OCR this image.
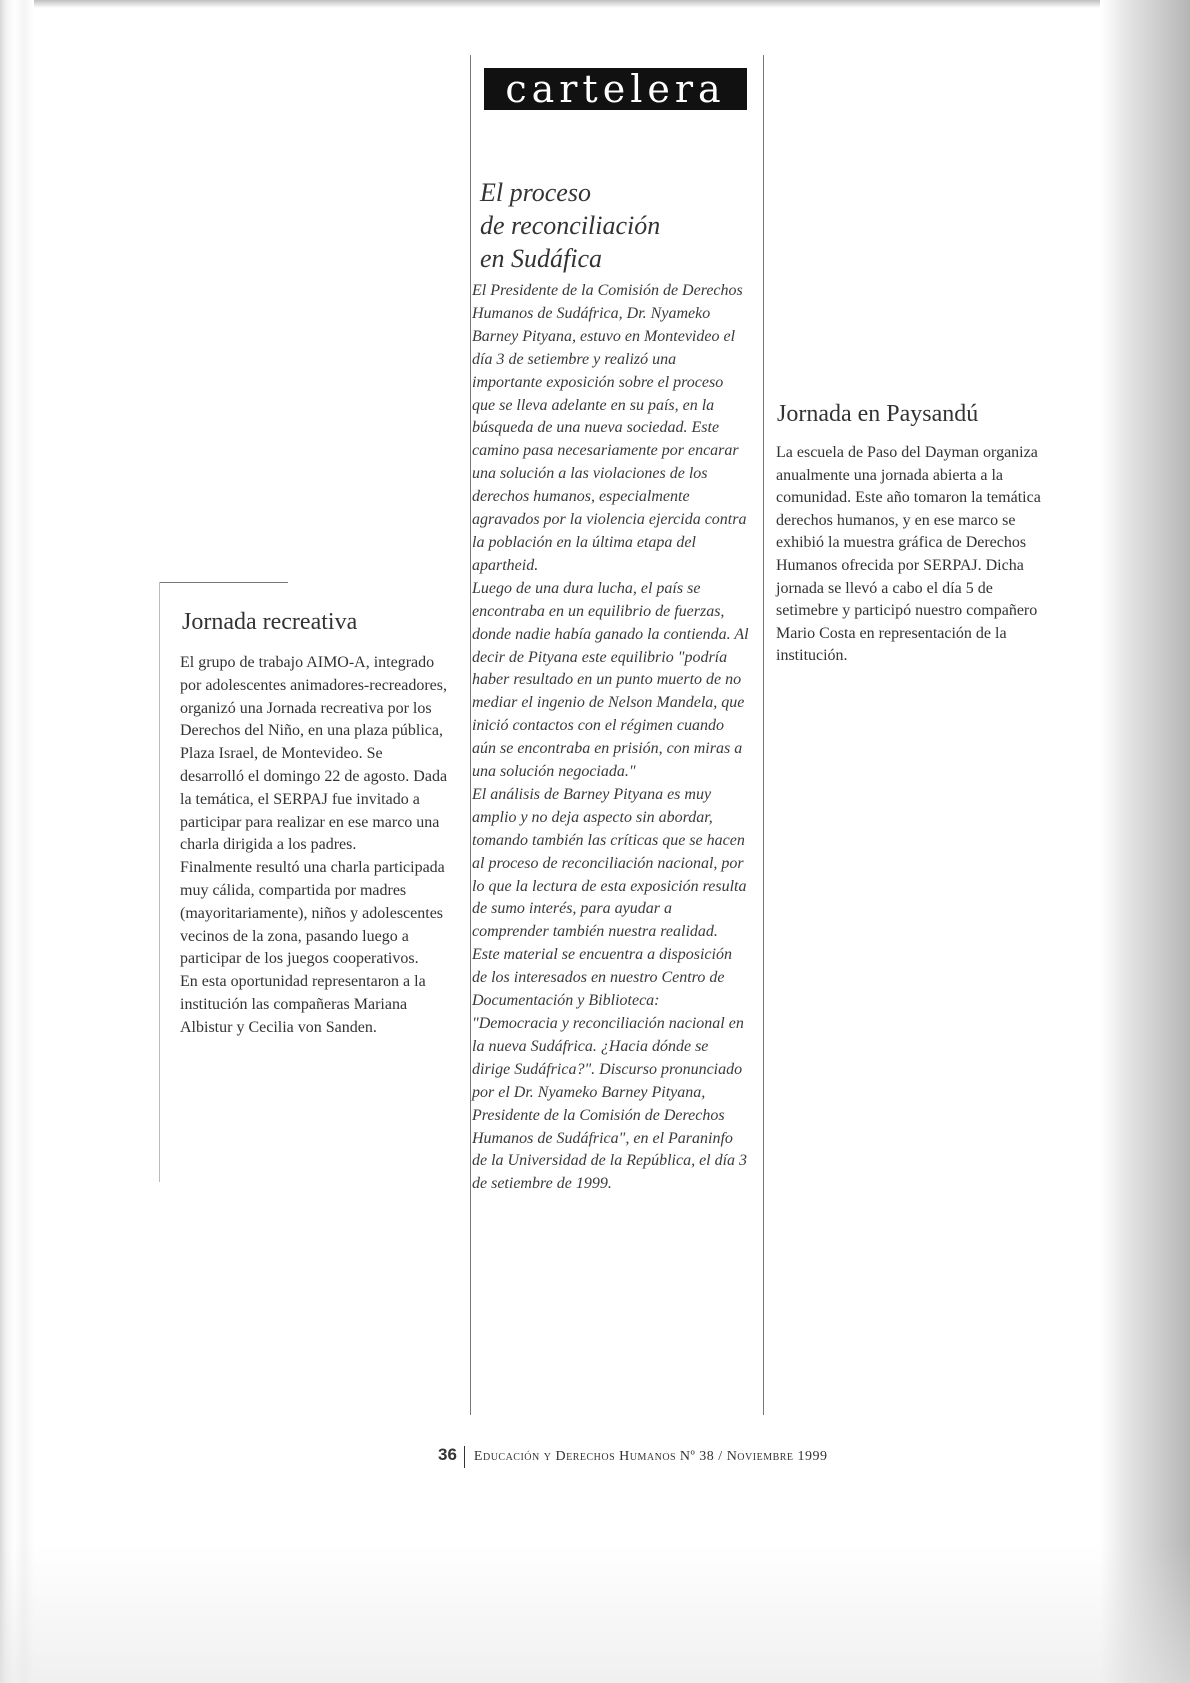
cartelera
El proceso
de reconciliación
en Sudáfica

El Presidente de la Comisión de Derechos Humanos de Sudáfrica, Dr. Nyameko Barney Pityana, estuvo en Montevideo el día 3 de setiembre y realizó una importante exposición sobre el proceso que se lleva adelante en su país, en la búsqueda de una nueva sociedad. Este camino pasa necesariamente por encarar una solución a las violaciones de los derechos humanos, especialmente agravados por la violencia ejercida contra la población en la última etapa del apartheid.

Luego de una dura lucha, el país se encontraba en un equilibrio de fuerzas, donde nadie había ganado la contienda. Al decir de Pityana este equilibrio "podría haber resultado en un punto muerto de no mediar el ingenio de Nelson Mandela, que inició contactos con el régimen cuando aún se encontraba en prisión, con miras a una solución negociada."

El análisis de Barney Pityana es muy amplio y no deja aspecto sin abordar, tomando también las críticas que se hacen al proceso de reconciliación nacional, por lo que la lectura de esta exposición resulta de sumo interés, para ayudar a comprender también nuestra realidad.

Este material se encuentra a disposición de los interesados en nuestro Centro de Documentación y Biblioteca:

"Democracia y reconciliación nacional en la nueva Sudáfrica. ¿Hacia dónde se dirige Sudáfrica?". Discurso pronunciado por el Dr. Nyameko Barney Pityana, Presidente de la Comisión de Derechos Humanos de Sudáfrica", en el Paraninfo de la Universidad de la República, el día 3 de setiembre de 1999.

Jornada recreativa

El grupo de trabajo AIMO-A, integrado por adolescentes animadores-recreadores, organizó una Jornada recreativa por los Derechos del Niño, en una plaza pública, Plaza Israel, de Montevideo. Se desarrolló el domingo 22 de agosto. Dada la temática, el SERPAJ fue invitado a participar para realizar en ese marco una charla dirigida a los padres.

Finalmente resultó una charla participada muy cálida, compartida por madres (mayoritariamente), niños y adolescentes vecinos de la zona, pasando luego a participar de los juegos cooperativos.

En esta oportunidad representaron a la institución las compañeras Mariana Albistur y Cecilia von Sanden.

Jornada en Paysandú

La escuela de Paso del Dayman organiza anualmente una jornada abierta a la comunidad. Este año tomaron la temática derechos humanos, y en ese marco se exhibió la muestra gráfica de Derechos Humanos ofrecida por SERPAJ. Dicha jornada se llevó a cabo el día 5 de setimebre y participó nuestro compañero Mario Costa en representación de la institución.

36 Educación y Derechos Humanos Nº 38 / Noviembre 1999
